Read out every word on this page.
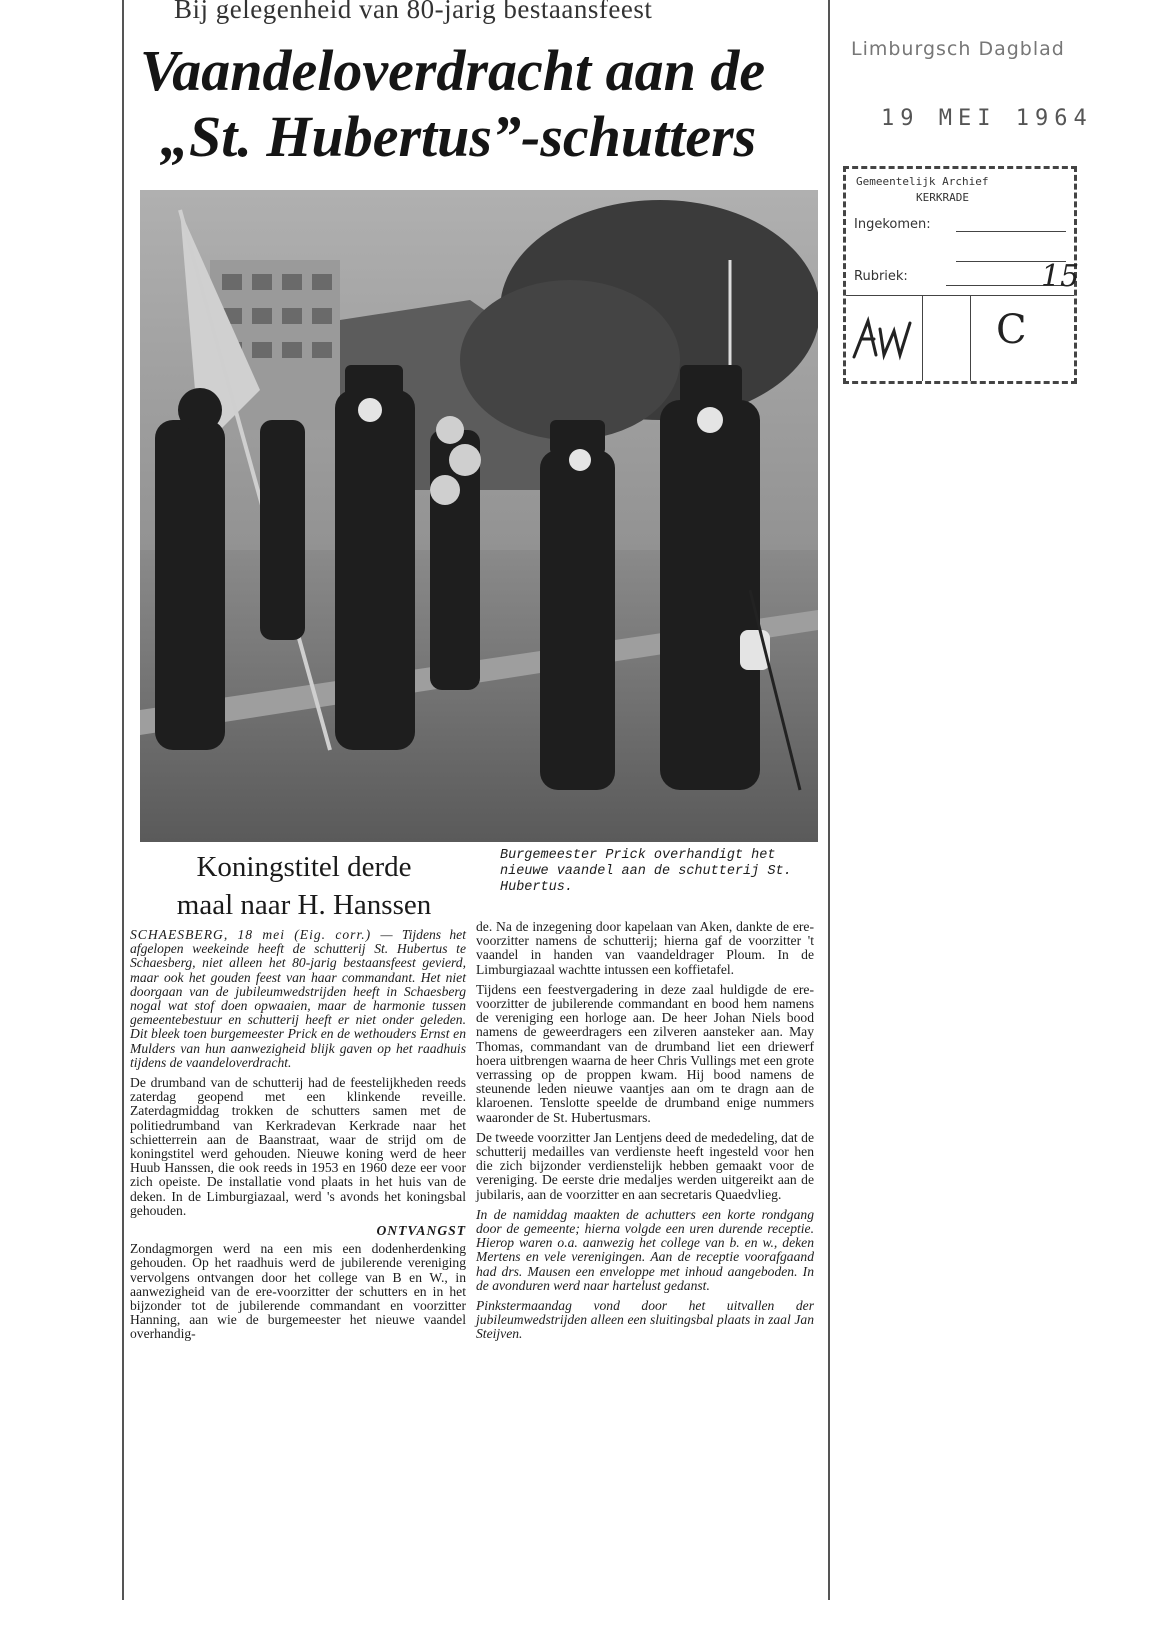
Bij gelegenheid van 80-jarig bestaansfeest
Vaandeloverdracht aan de
„St. Hubertus”-schutters
Burgemeester Prick overhandigt het
nieuwe vaandel aan de schutterij St.
Hubertus.
Koningstitel derde
maal naar H. Hanssen

SCHAESBERG, 18 mei (Eig. corr.) — Tijdens het afgelopen weekeinde heeft de schutterij St. Hubertus te Schaesberg, niet alleen het 80-jarig bestaansfeest gevierd, maar ook het gouden feest van haar commandant. Het niet doorgaan van de jubileumwedstrijden heeft in Schaesberg nogal wat stof doen opwaaien, maar de harmonie tussen gemeentebestuur en schutterij heeft er niet onder geleden. Dit bleek toen burgemeester Prick en de wethouders Ernst en Mulders van hun aanwezigheid blijk gaven op het raadhuis tijdens de vaandeloverdracht.

De drumband van de schutterij had de feestelijkheden reeds zaterdag geopend met een klinkende reveille. Zaterdagmiddag trokken de schutters samen met de politiedrumband van Kerkradevan Kerkrade naar het schietterrein aan de Baanstraat, waar de strijd om de koningstitel werd gehouden. Nieuwe koning werd de heer Huub Hanssen, die ook reeds in 1953 en 1960 deze eer voor zich opeiste. De installatie vond plaats in het huis van de deken. In de Limburgiazaal, werd 's avonds het koningsbal gehouden.

ONTVANGST

Zondagmorgen werd na een mis een dodenherdenking gehouden. Op het raadhuis werd de jubilerende vereniging vervolgens ontvangen door het college van B en W., in aanwezigheid van de ere-voorzitter der schutters en in het bijzonder tot de jubilerende commandant en voorzitter Hanning, aan wie de burgemeester het nieuwe vaandel overhandig-

de. Na de inzegening door kapelaan van Aken, dankte de ere-voorzitter namens de schutterij; hierna gaf de voorzitter 't vaandel in handen van vaandeldrager Ploum. In de Limburgiazaal wachtte intussen een koffietafel.

Tijdens een feestvergadering in deze zaal huldigde de ere-voorzitter de jubilerende commandant en bood hem namens de vereniging een horloge aan. De heer Johan Niels bood namens de geweerdragers een zilveren aansteker aan. May Thomas, commandant van de drumband liet een driewerf hoera uitbrengen waarna de heer Chris Vullings met een grote verrassing op de proppen kwam. Hij bood namens de steunende leden nieuwe vaantjes aan om te dragn aan de klaroenen. Tenslotte speelde de drumband enige nummers waaronder de St. Hubertusmars.

De tweede voorzitter Jan Lentjens deed de mededeling, dat de schutterij medailles van verdienste heeft ingesteld voor hen die zich bijzonder verdienstelijk hebben gemaakt voor de vereniging. De eerste drie medaljes werden uitgereikt aan de jubilaris, aan de voorzitter en aan secretaris Quaedvlieg.

In de namiddag maakten de achutters een korte rondgang door de gemeente; hierna volgde een uren durende receptie. Hierop waren o.a. aanwezig het college van b. en w., deken Mertens en vele verenigingen. Aan de receptie voorafgaand had drs. Mausen een enveloppe met inhoud aangeboden. In de avonduren werd naar hartelust gedanst.

Pinkstermaandag vond door het uitvallen der jubileumwedstrijden alleen een sluitingsbal plaats in zaal Jan Steijven.

Limburgsch Dagblad
19 MEI 1964
Gemeentelijk Archief
KERKRADE
Ingekomen:
Rubriek:	15
C
